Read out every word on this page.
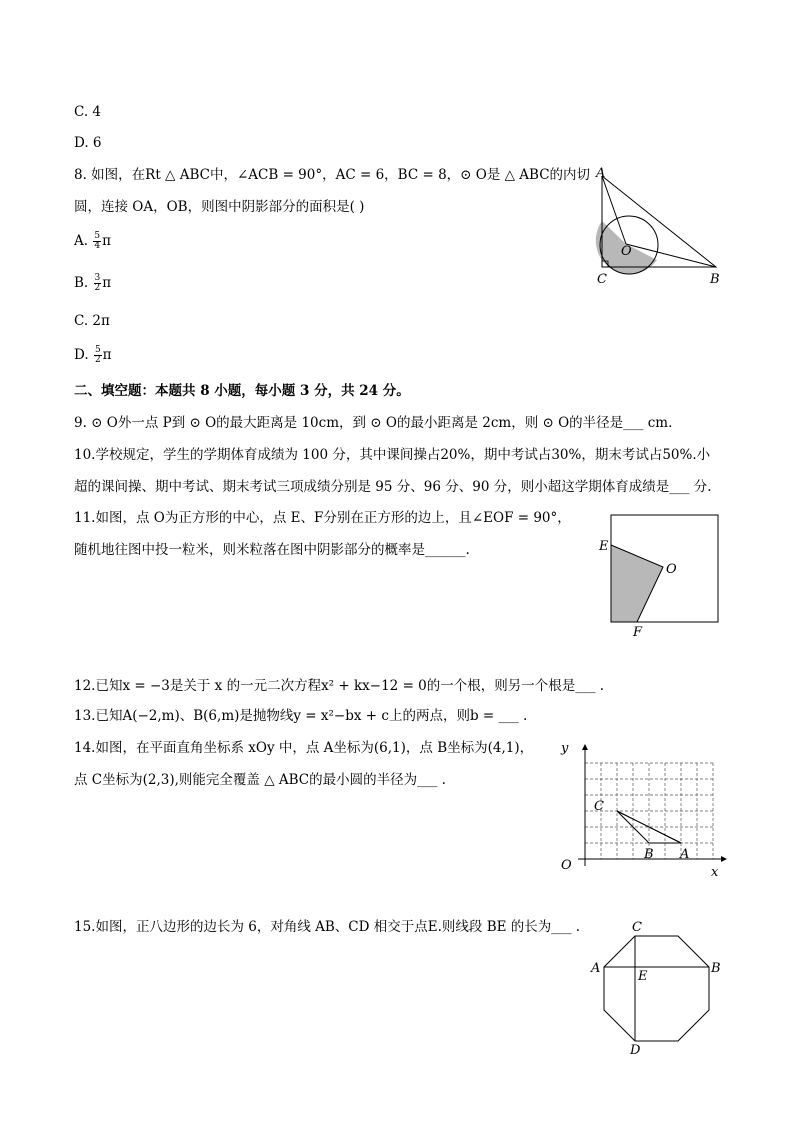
C. 4
D. 6
8. 如图，在Rt △ ABC中，∠ACB = 90°，AC = 6，BC = 8，⊙ O是 △ ABC的内切
圆，连接 OA，OB，则图中阴影部分的面积是( )
A. $\frac{5}{4}$ π
B. $\frac{3}{2}$ π
C. 2π
D. $\frac{5}{2}$ π
A
O
C	B
二、填空题：本题共 8 小题，每小题 3 分，共 24 分。
9. ⊙ O外一点 P到 ⊙ O的最大距离是 10cm，到 ⊙ O的最小距离是 2cm，则 ⊙ O的半径是___ cm.
10.学校规定，学生的学期体育成绩为 100 分，其中课间操占20%，期中考试占30%，期末考试占50%.小
超的课间操、期中考试、期末考试三项成绩分别是 95 分、96 分、90 分，则小超这学期体育成绩是___ 分.
11.如图，点 O为正方形的中心，点 E、F分别在正方形的边上，且∠EOF = 90°，
随机地往图中投一粒米，则米粒落在图中阴影部分的概率是______.	E
O
F
12.已知x = −3是关于 x 的一元二次方程x² + kx−12 = 0的一个根，则另一个根是___ .
13.已知A(−2,m)、B(6,m)是抛物线y = x²−bx + c上的两点，则b = ___ .
14.如图，在平面直角坐标系 xOy 中，点 A坐标为(6,1)，点 B坐标为(4,1)，
点 C坐标为(2,3),则能完全覆盖 △ ABC的最小圆的半径为___ .
y
x
O
C
B A
15.如图，正八边形的边长为 6，对角线 AB、CD 相交于点E.则线段 BE 的长为___ .	C
A	B
E
D
